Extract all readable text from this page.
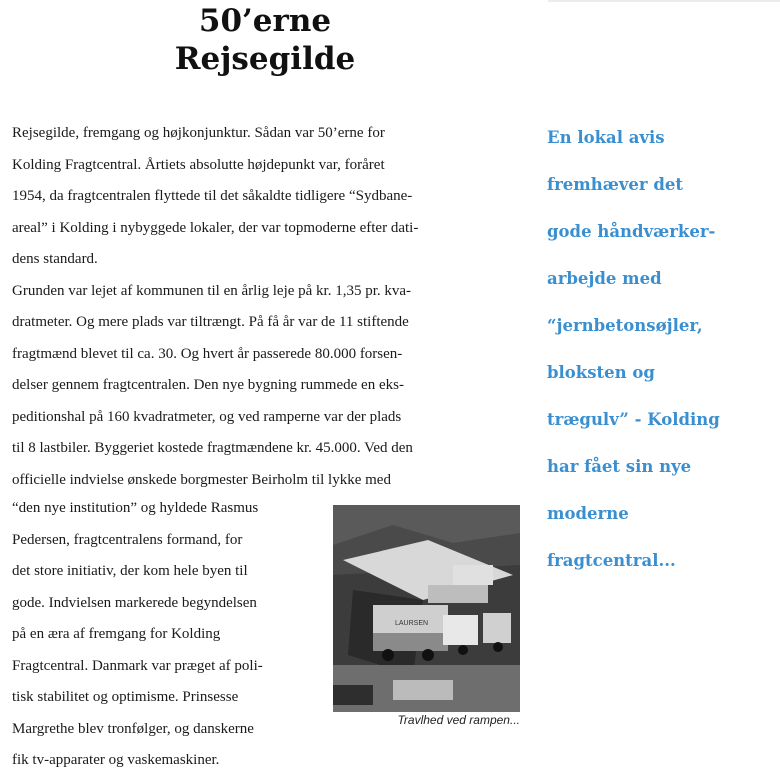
50’erne
Rejsegilde

Rejsegilde, fremgang og højkonjunktur. Sådan var 50’erne for

Kolding Fragtcentral. Årtiets absolutte højdepunkt var, foråret

1954, da fragtcentralen flyttede til det såkaldte tidligere “Sydbane-

areal” i Kolding i nybyggede lokaler, der var topmoderne efter dati-

dens standard.

Grunden var lejet af kommunen til en årlig leje på kr. 1,35 pr. kva-

dratmeter. Og mere plads var tiltrængt. På få år var de 11 stiftende

fragtmænd blevet til ca. 30. Og hvert år passerede 80.000 forsen-

delser gennem fragtcentralen. Den nye bygning rummede en eks-

peditionshal på 160 kvadratmeter, og ved ramperne var der plads

til 8 lastbiler. Byggeriet kostede fragtmændene kr. 45.000. Ved den

officielle indvielse ønskede borgmester Beirholm til lykke med

“den nye institution” og hyldede Rasmus
Pedersen, fragtcentralens formand, for
det store initiativ, der kom hele byen til
gode. Indvielsen markerede begyndelsen
på en æra af fremgang for Kolding
Fragtcentral. Danmark var præget af poli-
tisk stabilitet og optimisme. Prinsesse
Margrethe blev tronfølger, og danskerne
fik tv-apparater og vaskemaskiner.
LAURSEN
Travlhed ved rampen...
En lokal avis
fremhæver det
gode håndværker-
arbejde med
“jernbetonsøjler,
bloksten og
trægulv” - Kolding
har fået sin nye
moderne
fragtcentral...
